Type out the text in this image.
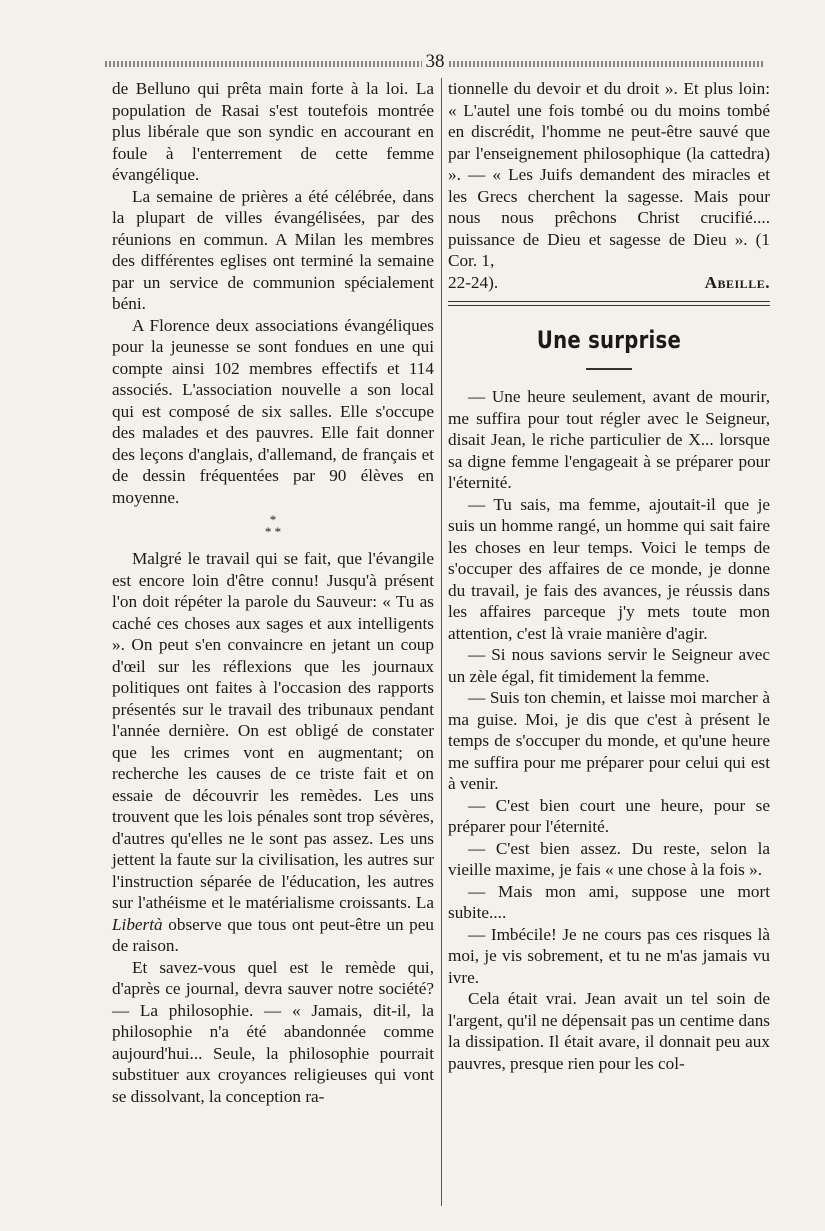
38

de Belluno qui prêta main forte à la loi. La population de Rasai s'est toutefois montrée plus libérale que son syndic en accourant en foule à l'enterrement de cette femme évangélique.

La semaine de prières a été célébrée, dans la plupart de villes évangélisées, par des réunions en commun. A Milan les membres des différentes eglises ont terminé la semaine par un service de communion spécialement béni.

A Florence deux associations évangéliques pour la jeunesse se sont fondues en une qui compte ainsi 102 membres effectifs et 114 associés. L'association nouvelle a son local qui est composé de six salles. Elle s'occupe des malades et des pauvres. Elle fait donner des leçons d'anglais, d'allemand, de français et de dessin fréquentées par 90 élèves en moyenne.

*
* *

Malgré le travail qui se fait, que l'évangile est encore loin d'être connu! Jusqu'à présent l'on doit répéter la parole du Sauveur: « Tu as caché ces choses aux sages et aux intelligents ». On peut s'en convaincre en jetant un coup d'œil sur les réflexions que les journaux politiques ont faites à l'occasion des rapports présentés sur le travail des tribunaux pendant l'année dernière. On est obligé de constater que les crimes vont en augmentant; on recherche les causes de ce triste fait et on essaie de découvrir les remèdes. Les uns trouvent que les lois pénales sont trop sévères, d'autres qu'elles ne le sont pas assez. Les uns jettent la faute sur la civilisation, les autres sur l'instruction séparée de l'éducation, les autres sur l'athéisme et le matérialisme croissants. La Libertà observe que tous ont peut-être un peu de raison.

Et savez-vous quel est le remède qui, d'après ce journal, devra sauver notre société? — La philosophie. — « Jamais, dit-il, la philosophie n'a été abandonnée comme aujourd'hui... Seule, la philosophie pourrait substituer aux croyances religieuses qui vont se dissolvant, la conception ra-

tionnelle du devoir et du droit ». Et plus loin: « L'autel une fois tombé ou du moins tombé en discrédit, l'homme ne peut-être sauvé que par l'enseignement philosophique (la cattedra) ». — « Les Juifs demandent des miracles et les Grecs cherchent la sagesse. Mais pour nous nous prêchons Christ crucifié.... puissance de Dieu et sagesse de Dieu ». (1 Cor. 1,

22-24).	Abeille.
Une surprise

— Une heure seulement, avant de mourir, me suffira pour tout régler avec le Seigneur, disait Jean, le riche particulier de X... lorsque sa digne femme l'engageait à se préparer pour l'éternité.

— Tu sais, ma femme, ajoutait-il que je suis un homme rangé, un homme qui sait faire les choses en leur temps. Voici le temps de s'occuper des affaires de ce monde, je donne du travail, je fais des avances, je réussis dans les affaires parceque j'y mets toute mon attention, c'est là vraie manière d'agir.

— Si nous savions servir le Seigneur avec un zèle égal, fit timidement la femme.

— Suis ton chemin, et laisse moi marcher à ma guise. Moi, je dis que c'est à présent le temps de s'occuper du monde, et qu'une heure me suffira pour me préparer pour celui qui est à venir.

— C'est bien court une heure, pour se préparer pour l'éternité.

— C'est bien assez. Du reste, selon la vieille maxime, je fais « une chose à la fois ».

— Mais mon ami, suppose une mort subite....

— Imbécile! Je ne cours pas ces risques là moi, je vis sobrement, et tu ne m'as jamais vu ivre.

Cela était vrai. Jean avait un tel soin de l'argent, qu'il ne dépensait pas un centime dans la dissipation. Il était avare, il donnait peu aux pauvres, presque rien pour les col-
